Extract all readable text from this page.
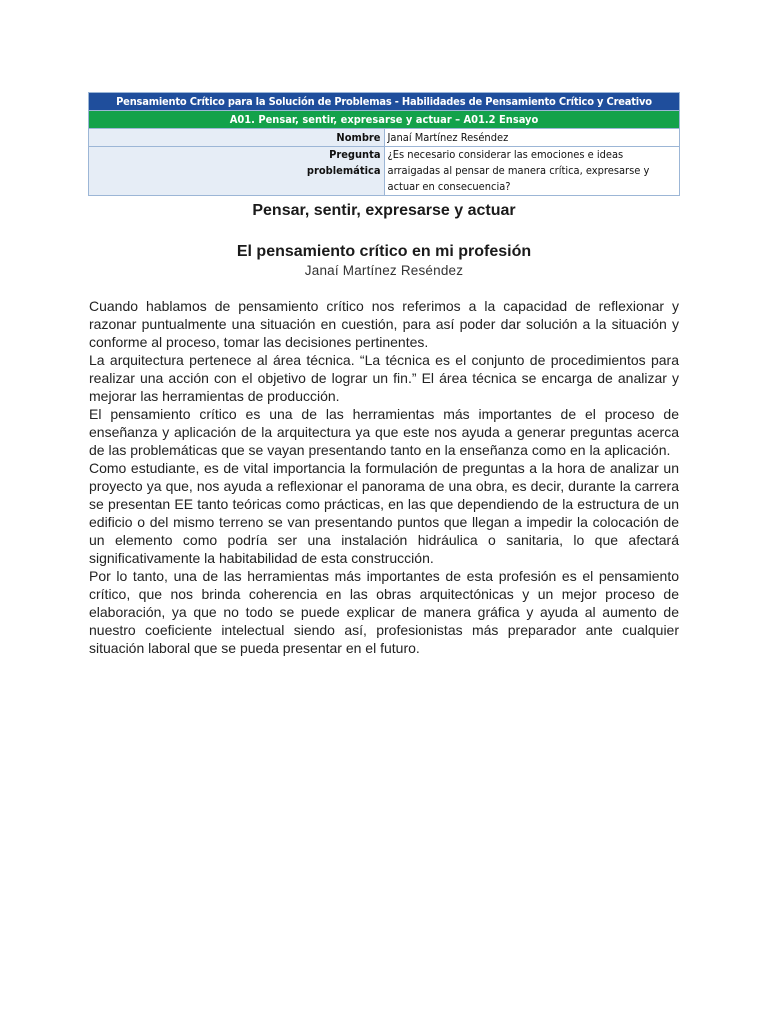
Pensamiento Crítico para la Solución de Problemas - Habilidades de Pensamiento Crítico y Creativo	
A01. Pensar, sentir, expresarse y actuar – A01.2 Ensayo	
Nombre	Janaí Martínez Reséndez
Pregunta
problemática	¿Es necesario considerar las emociones e ideas arraigadas al pensar de manera crítica, expresarse y actuar en consecuencia?
Pensar, sentir, expresarse y actuar
El pensamiento crítico en mi profesión
Janaí Martínez Reséndez

Cuando hablamos de pensamiento crítico nos referimos a la capacidad de reflexionar y razonar puntualmente una situación en cuestión, para así poder dar solución a la situación y conforme al proceso, tomar las decisiones pertinentes.

La arquitectura pertenece al área técnica. “La técnica es el conjunto de procedimientos para realizar una acción con el objetivo de lograr un fin.” El área técnica se encarga de analizar y mejorar las herramientas de producción.

El pensamiento crítico es una de las herramientas más importantes de el proceso de enseñanza y aplicación de la arquitectura ya que este nos ayuda a generar preguntas acerca de las problemáticas que se vayan presentando tanto en la enseñanza como en la aplicación.

Como estudiante, es de vital importancia la formulación de preguntas a la hora de analizar un proyecto ya que, nos ayuda a reflexionar el panorama de una obra, es decir, durante la carrera se presentan EE tanto teóricas como prácticas, en las que dependiendo de la estructura de un edificio o del mismo terreno se van presentando puntos que llegan a impedir la colocación de un elemento como podría ser una instalación hidráulica o sanitaria, lo que afectará significativamente la habitabilidad de esta construcción.

Por lo tanto, una de las herramientas más importantes de esta profesión es el pensamiento crítico, que nos brinda coherencia en las obras arquitectónicas y un mejor proceso de elaboración, ya que no todo se puede explicar de manera gráfica y ayuda al aumento de nuestro coeficiente intelectual siendo así, profesionistas más preparador ante cualquier situación laboral que se pueda presentar en el futuro.
